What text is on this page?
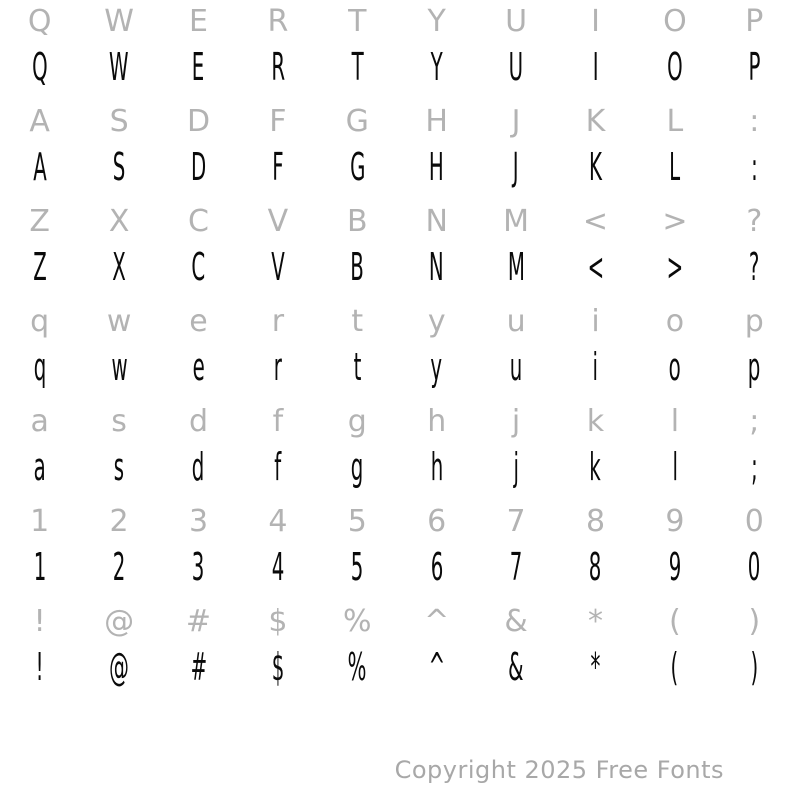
Q W E R T Y U I O P
Q W E R T Y U I O P
A S D F G H J K L :
A S D F G H J K L :
Z X C V B N M < > ?
Z X C V B N M < > ?
q w e r t y u i o p
q w e r t y u i o p
a s d f g h j k l ;
a s d f g h j k l ;
1 2 3 4 5 6 7 8 9 0
1 2 3 4 5 6 7 8 9 0
! @ # $ % ^ & * ( )
! @ # $ % ^ & * ( )
Copyright 2025 Free Fonts
